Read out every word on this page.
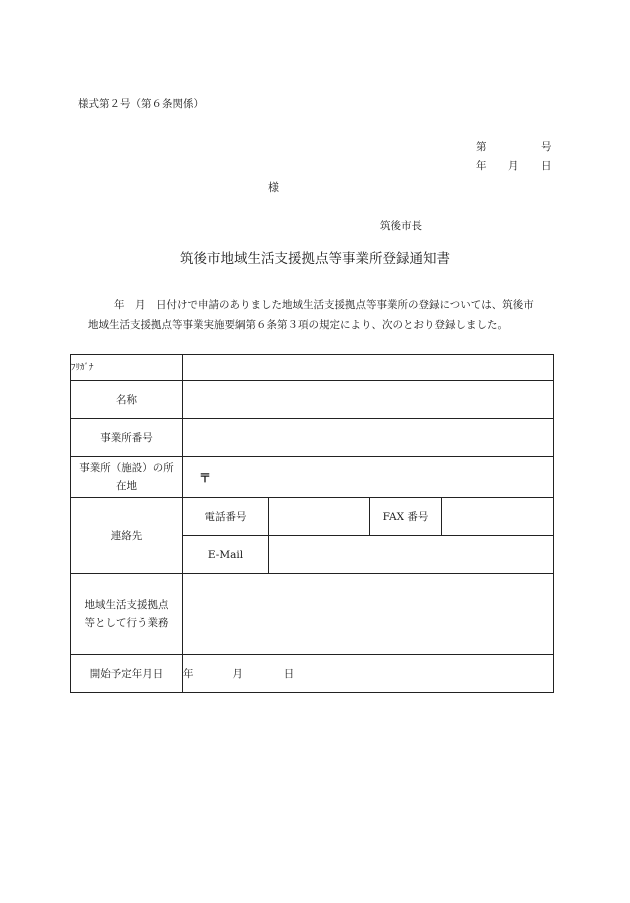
様式第２号（第６条関係）
第	号
年 月 日
様
筑後市長
筑後市地域生活支援拠点等事業所登録通知書

年　月　日付けで申請のありました地域生活支援拠点等事業所の登録については、筑後市

地域生活支援拠点等事業実施要綱第６条第３項の規定により、次のとおり登録しました。

ﾌﾘｶﾞﾅ				
名称				
事業所番号				

事業所（施設）の所
在地	〒			
連絡先	電話番号		FAX 番号	
	E-Mail			

地域生活支援拠点
等として行う業務				

開始予定年月日	年 月 日			
